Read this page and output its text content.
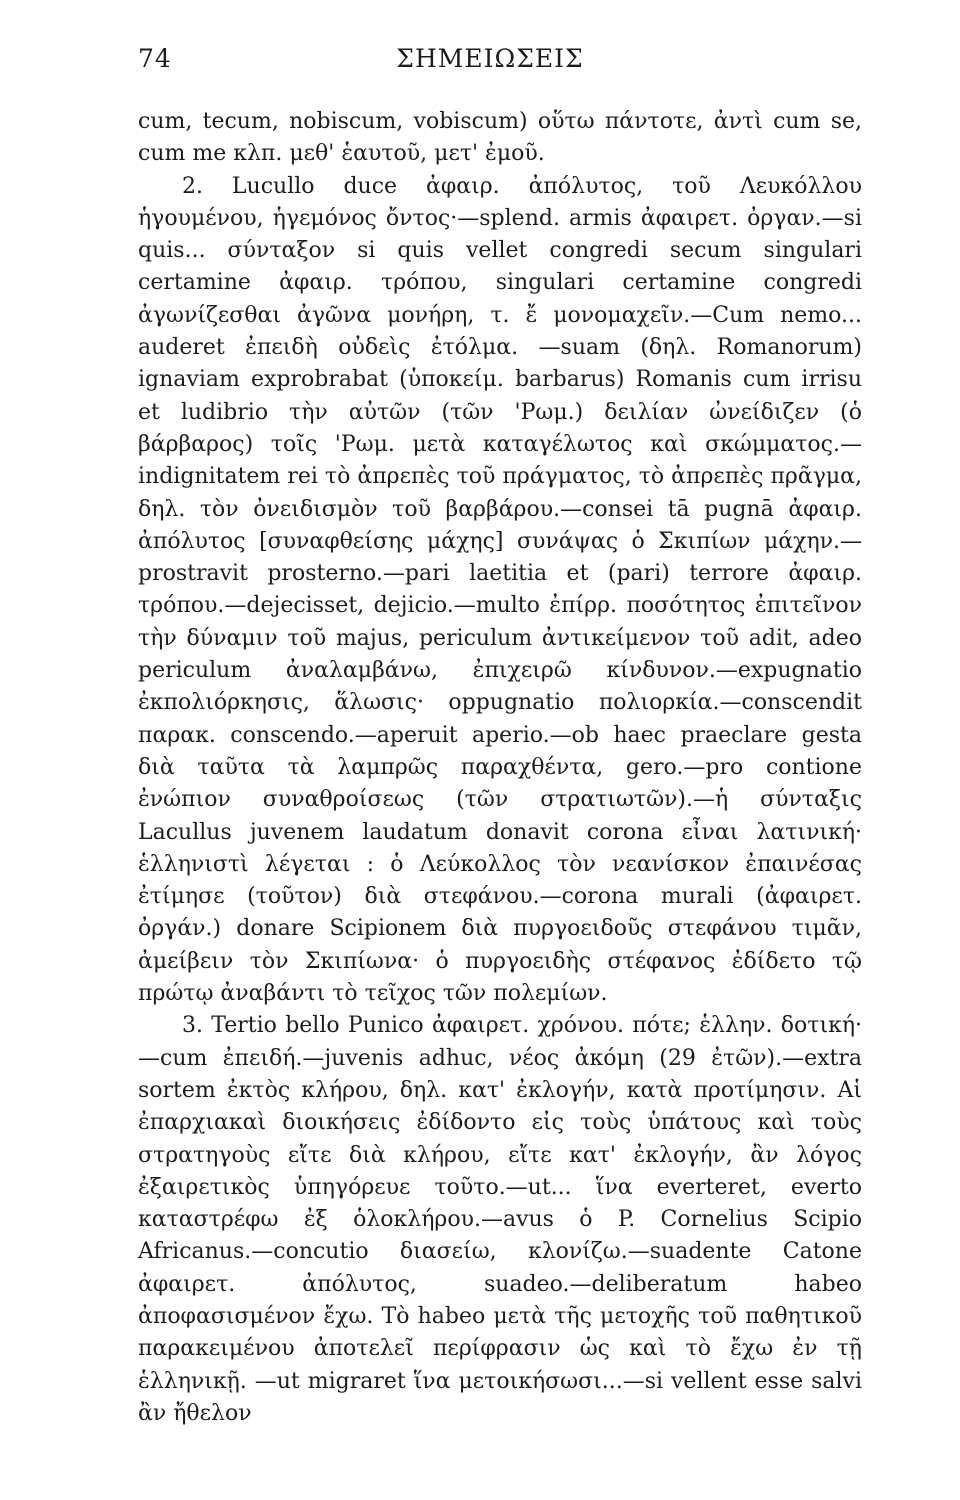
74	ΣΗΜΕΙΩΣΕΙΣ

cum, tecum, nobiscum, vobiscum) οὕτω πάντοτε, ἀντὶ cum se, cum me κλπ. μεθ' ἑαυτοῦ, μετ' ἐμοῦ.

2. Lucullo duce ἀφαιρ. ἀπόλυτος, τοῦ Λευκόλλου ἡγουμένου, ἡγεμόνος ὄντος·—splend. armis ἀφαιρετ. ὀργαν.—si quis... σύνταξον si quis vellet congredi secum singulari certamine ἀφαιρ. τρόπου, singulari certamine congredi ἀγωνίζεσθαι ἀγῶνα μονήρη, τ. ἔ μονομαχεῖν.—Cum nemo... auderet ἐπειδὴ οὐδεὶς ἐτόλμα. —suam (δηλ. Romanorum) ignaviam exprobrabat (ὑποκείμ. barbarus) Romanis cum irrisu et ludibrio τὴν αὐτῶν (τῶν 'Ρωμ.) δειλίαν ὠνείδιζεν (ὁ βάρβαρος) τοῖς 'Ρωμ. μετὰ καταγέλωτος καὶ σκώμματος.—indignitatem rei τὸ ἀπρεπὲς τοῦ πράγματος, τὸ ἀπρεπὲς πρᾶγμα, δηλ. τὸν ὀνειδισμὸν τοῦ βαρβάρου.—consei tā pugnā ἀφαιρ. ἀπόλυτος [συναφθείσης μάχης] συνάψας ὁ Σκιπίων μάχην.—prostravit prosterno.—pari laetitia et (pari) terrore ἀφαιρ. τρόπου.—dejecisset, dejicio.—multo ἐπίρρ. ποσότητος ἐπιτεῖνον τὴν δύναμιν τοῦ majus, periculum ἀντικείμενον τοῦ adit, adeo periculum ἀναλαμβάνω, ἐπιχειρῶ κίνδυνον.—expugnatio ἐκπολιόρκησις, ἅλωσις· oppugnatio πολιορκία.—conscendit παρακ. conscendo.—aperuit aperio.—ob haec praeclare gesta διὰ ταῦτα τὰ λαμπρῶς παραχθέντα, gero.—pro contione ἐνώπιον συναθροίσεως (τῶν στρατιωτῶν).—ἡ σύνταξις Lacullus juvenem laudatum donavit corona εἶναι λατινική· ἑλληνιστὶ λέγεται : ὁ Λεύκολλος τὸν νεανίσκον ἐπαινέσας ἐτίμησε (τοῦτον) διὰ στεφάνου.—corona murali (ἀφαιρετ. ὀργάν.) donare Scipionem διὰ πυργοειδοῦς στεφάνου τιμᾶν, ἀμείβειν τὸν Σκιπίωνα· ὁ πυργοειδὴς στέφανος ἐδίδετο τῷ πρώτῳ ἀναβάντι τὸ τεῖχος τῶν πολεμίων.

3. Tertio bello Punico ἀφαιρετ. χρόνου. πότε; ἑλλην. δοτική·—cum ἐπειδή.—juvenis adhuc, νέος ἀκόμη (29 ἐτῶν).—extra sortem ἐκτὸς κλήρου, δηλ. κατ' ἐκλογήν, κατὰ προτίμησιν. Αἱ ἐπαρχιακαὶ διοικήσεις ἐδίδοντο εἰς τοὺς ὑπάτους καὶ τοὺς στρατηγοὺς εἴτε διὰ κλήρου, εἴτε κατ' ἐκλογήν, ἂν λόγος ἐξαιρετικὸς ὑπηγόρευε τοῦτο.—ut... ἵνα everteret, everto καταστρέφω ἐξ ὁλοκλήρου.—avus ὁ P. Cornelius Scipio Africanus.—concutio διασείω, κλονίζω.—suadente Catone ἀφαιρετ. ἀπόλυτος, suadeo.—deliberatum habeo ἀποφασισμένον ἔχω. Τὸ habeo μετὰ τῆς μετοχῆς τοῦ παθητικοῦ παρακειμένου ἀποτελεῖ περίφρασιν ὡς καὶ τὸ ἔχω ἐν τῇ ἑλληνικῇ. —ut migraret ἵνα μετοικήσωσι...—si vellent esse salvi ἂν ἤθελον
